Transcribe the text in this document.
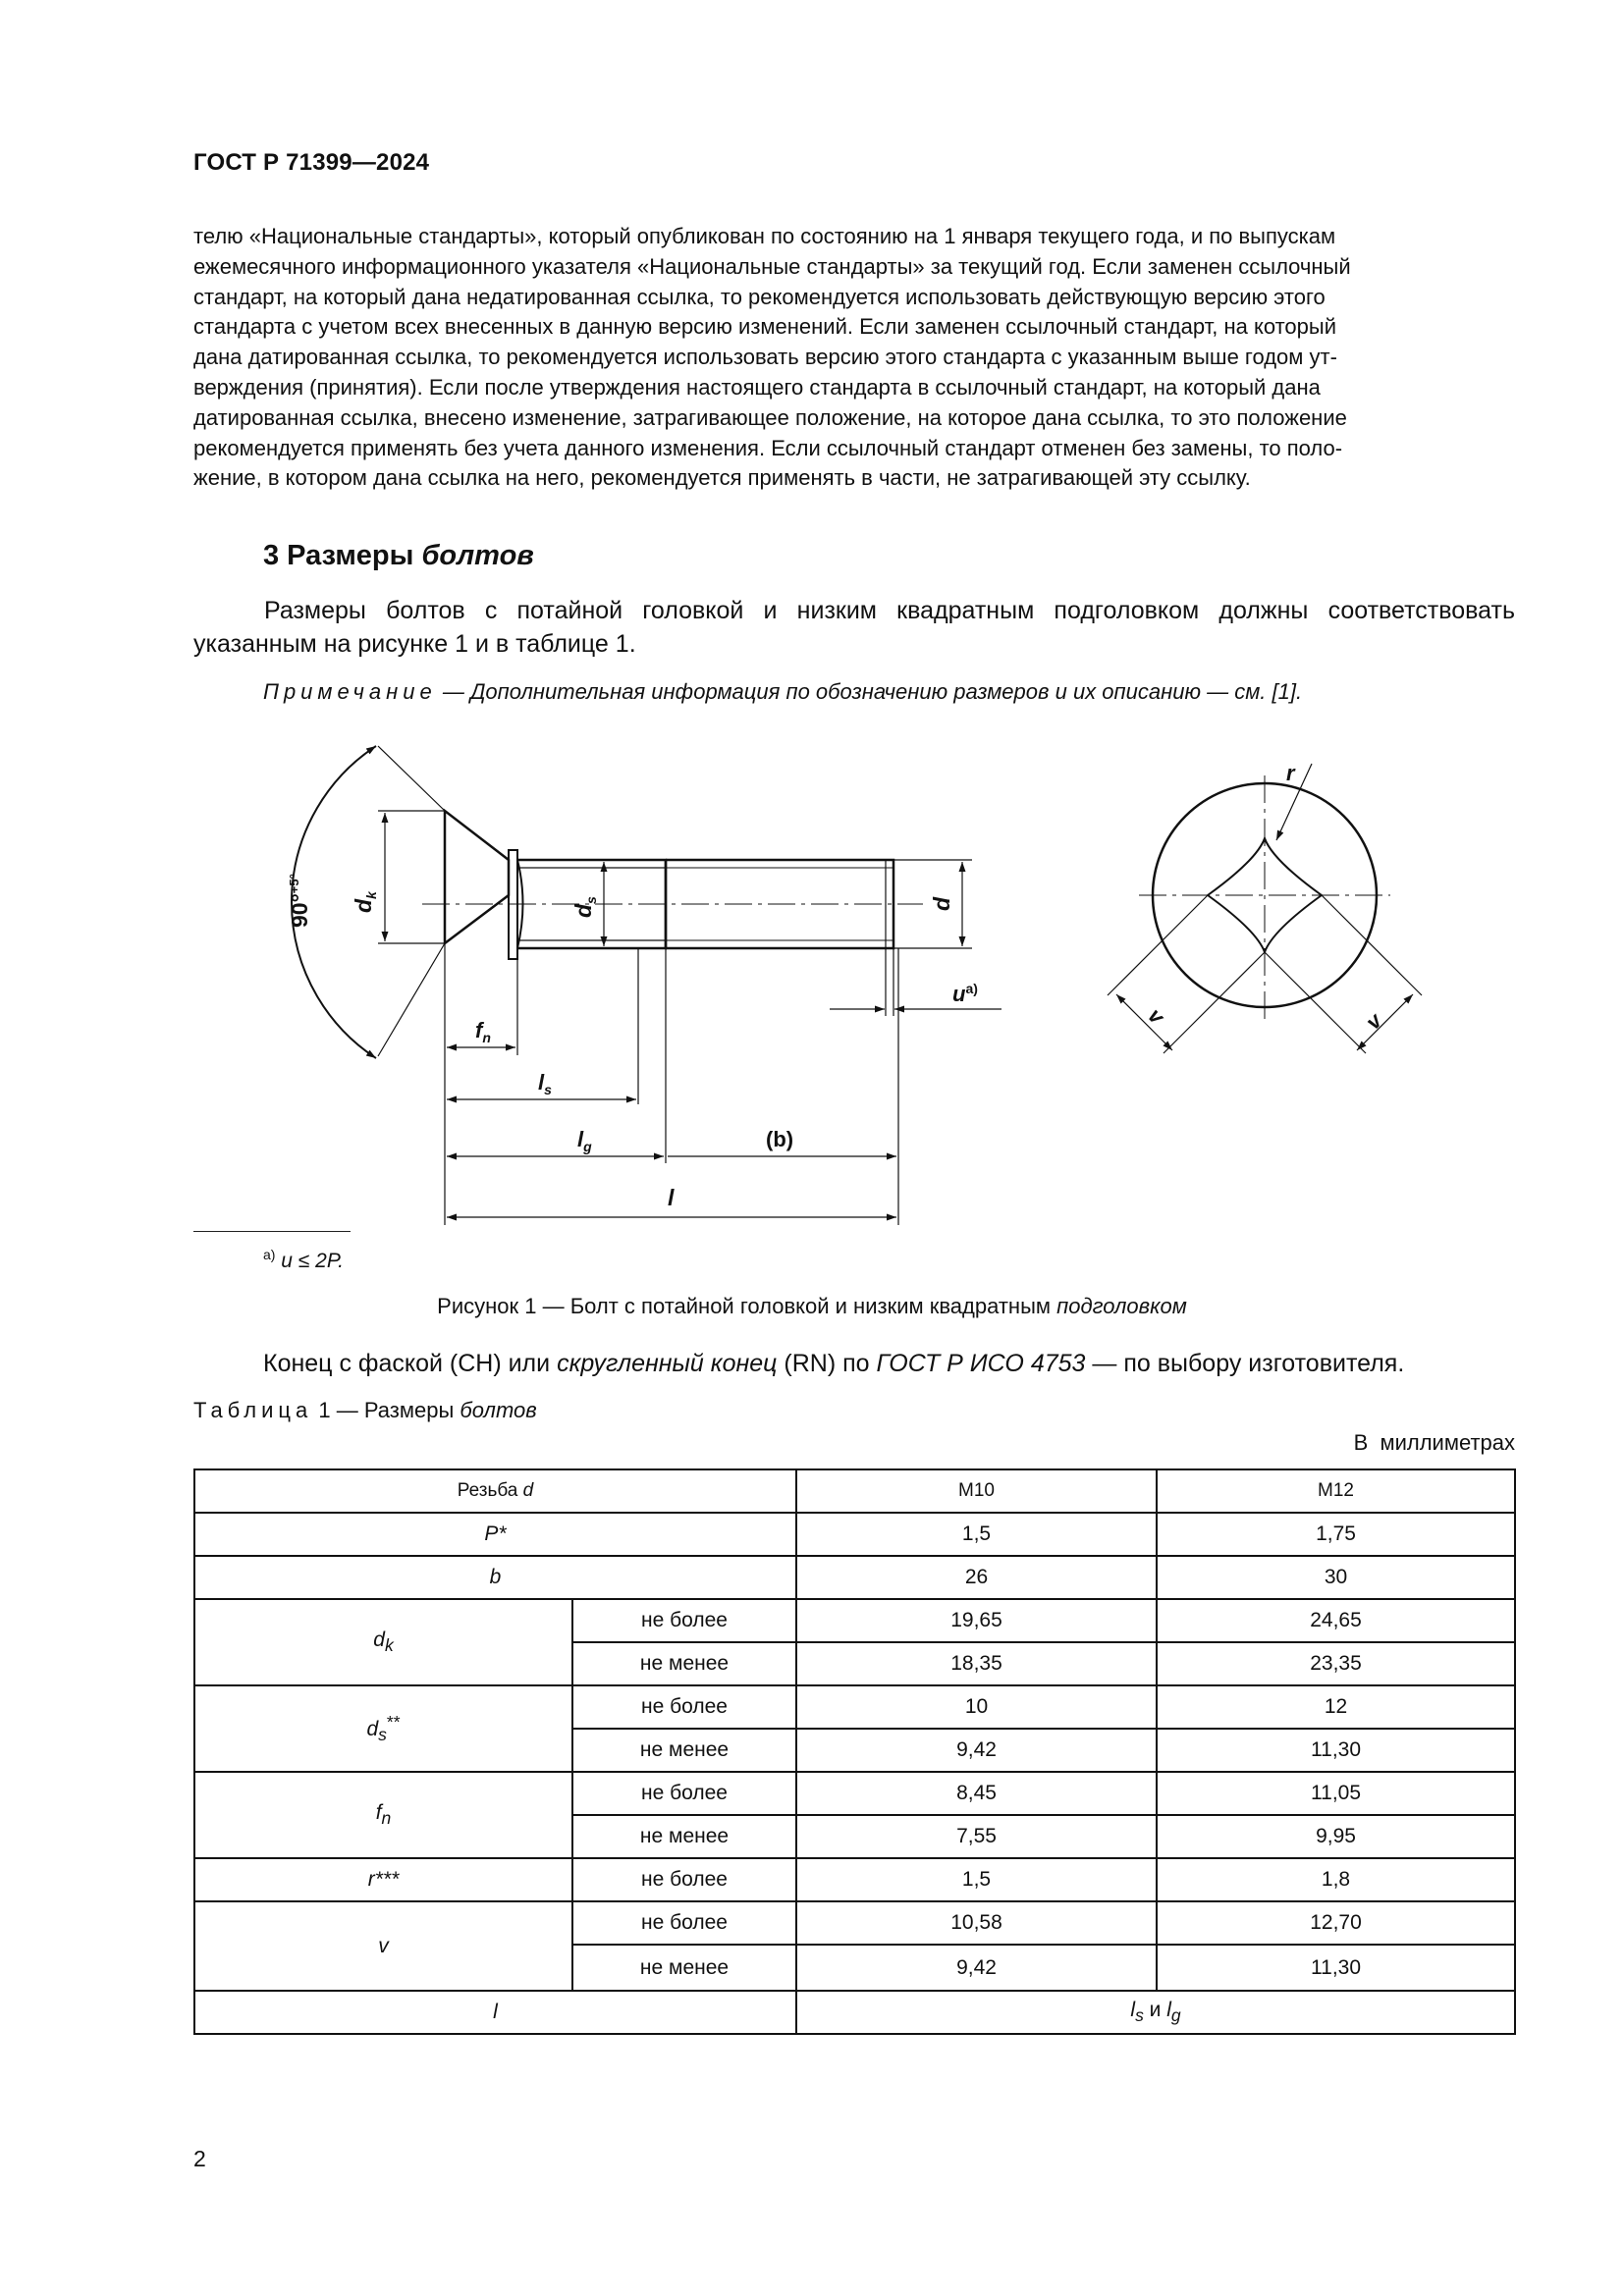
ГОСТ Р 71399—2024

телю «Национальные стандарты», который опубликован по состоянию на 1 января текущего года, и по выпускам

ежемесячного информационного указателя «Национальные стандарты» за текущий год. Если заменен ссылочный

стандарт, на который дана недатированная ссылка, то рекомендуется использовать действующую версию этого

стандарта с учетом всех внесенных в данную версию изменений. Если заменен ссылочный стандарт, на который

дана датированная ссылка, то рекомендуется использовать версию этого стандарта с указанным выше годом ут-

верждения (принятия). Если после утверждения настоящего стандарта в ссылочный стандарт, на который дана

датированная ссылка, внесено изменение, затрагивающее положение, на которое дана ссылка, то это положение

рекомендуется применять без учета данного изменения. Если ссылочный стандарт отменен без замены, то поло-

жение, в котором дана ссылка на него, рекомендуется применять в части, не затрагивающей эту ссылку.

3 Размеры болтов
Размеры болтов с потайной головкой и низким квадратным подголовком должны соответствовать указанным на рисунке 1 и в таблице 1.
Примечание — Дополнительная информация по обозначению размеров и их описанию — см. [1].
90°$^{+5^\circ}$
$d_k$
$d_s$	d
$u^{a)}$
$f_n$
$l_s$
$l_g$	(b)
l
r
v	v
$^{а)}$ u ≤ 2P.
Рисунок 1 — Болт с потайной головкой и низким квадратным подголовком
Конец с фаской (СН) или скругленный конец (RN) по ГОСТ Р ИСО 4753 — по выбору изготовителя.
Таблица 1 — Размеры болтов
В миллиметрах
Резьба d		М10	М12
P*		1,5	1,75
b		26	30
$d_k$	не более	19,65	24,65
	не менее	18,35	23,35
$d_s^{**}$	не более	10	12
	не менее	9,42	11,30
$f_n$	не более	8,45	11,05
	не менее	7,55	9,95
r***	не более	1,5	1,8
v	не более	10,58	12,70
	не менее	9,42	11,30
l		$l_s$ и $l_g$
2
